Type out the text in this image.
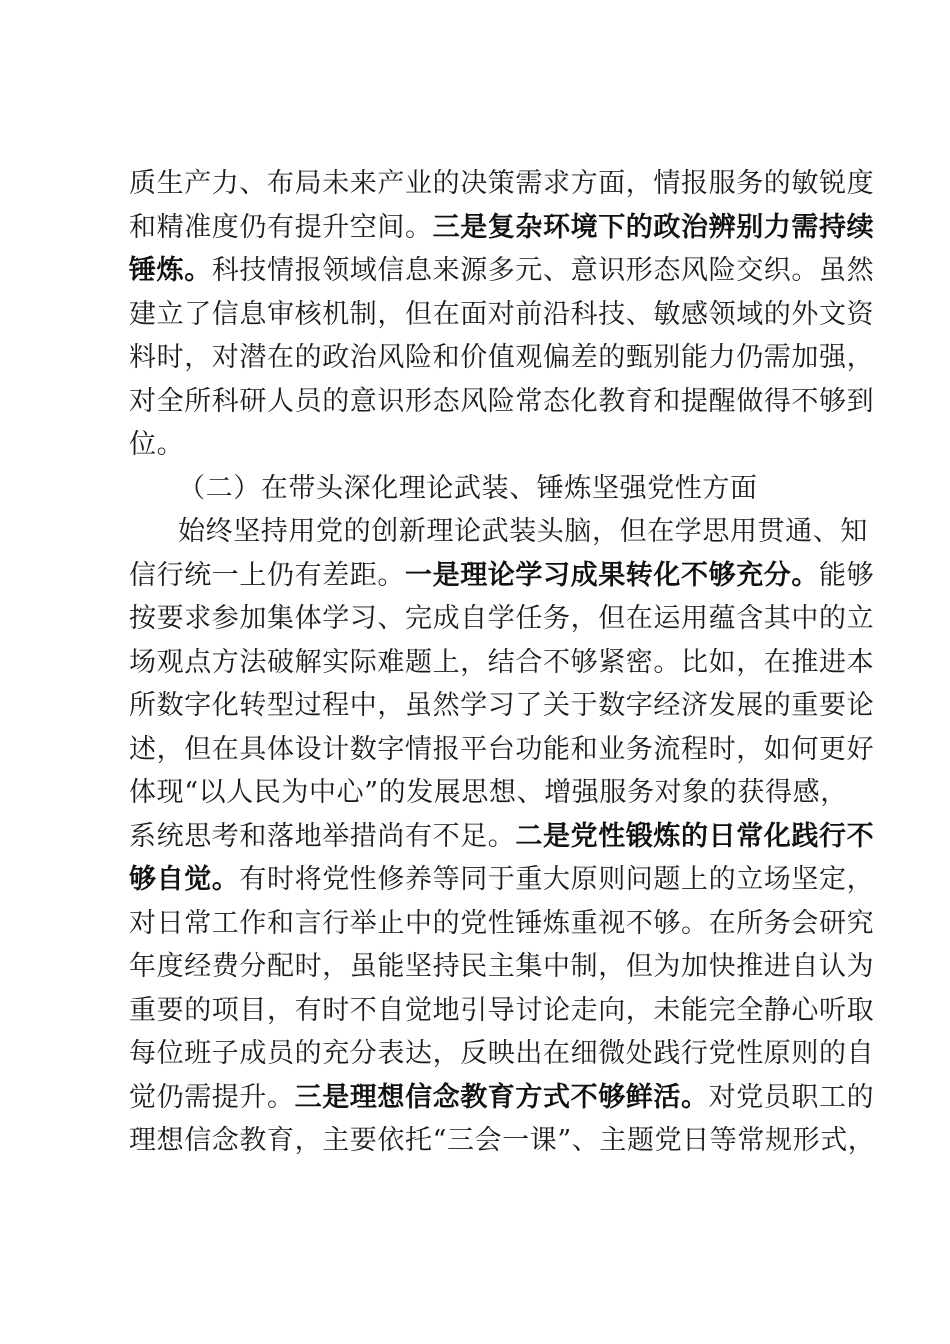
质生产力、布局未来产业的决策需求方面，情报服务的敏锐度
和精准度仍有提升空间。三是复杂环境下的政治辨别力需持续
锤炼。科技情报领域信息来源多元、意识形态风险交织。虽然
建立了信息审核机制，但在面对前沿科技、敏感领域的外文资
料时，对潜在的政治风险和价值观偏差的甄别能力仍需加强，
对全所科研人员的意识形态风险常态化教育和提醒做得不够到
位。
（二）在带头深化理论武装、锤炼坚强党性方面
始终坚持用党的创新理论武装头脑，但在学思用贯通、知
信行统一上仍有差距。一是理论学习成果转化不够充分。能够
按要求参加集体学习、完成自学任务，但在运用蕴含其中的立
场观点方法破解实际难题上，结合不够紧密。比如，在推进本
所数字化转型过程中，虽然学习了关于数字经济发展的重要论
述，但在具体设计数字情报平台功能和业务流程时，如何更好
体现“以人民为中心”的发展思想、增强服务对象的获得感，
系统思考和落地举措尚有不足。二是党性锻炼的日常化践行不
够自觉。有时将党性修养等同于重大原则问题上的立场坚定，
对日常工作和言行举止中的党性锤炼重视不够。在所务会研究
年度经费分配时，虽能坚持民主集中制，但为加快推进自认为
重要的项目，有时不自觉地引导讨论走向，未能完全静心听取
每位班子成员的充分表达，反映出在细微处践行党性原则的自
觉仍需提升。三是理想信念教育方式不够鲜活。对党员职工的
理想信念教育，主要依托“三会一课”、主题党日等常规形式，
